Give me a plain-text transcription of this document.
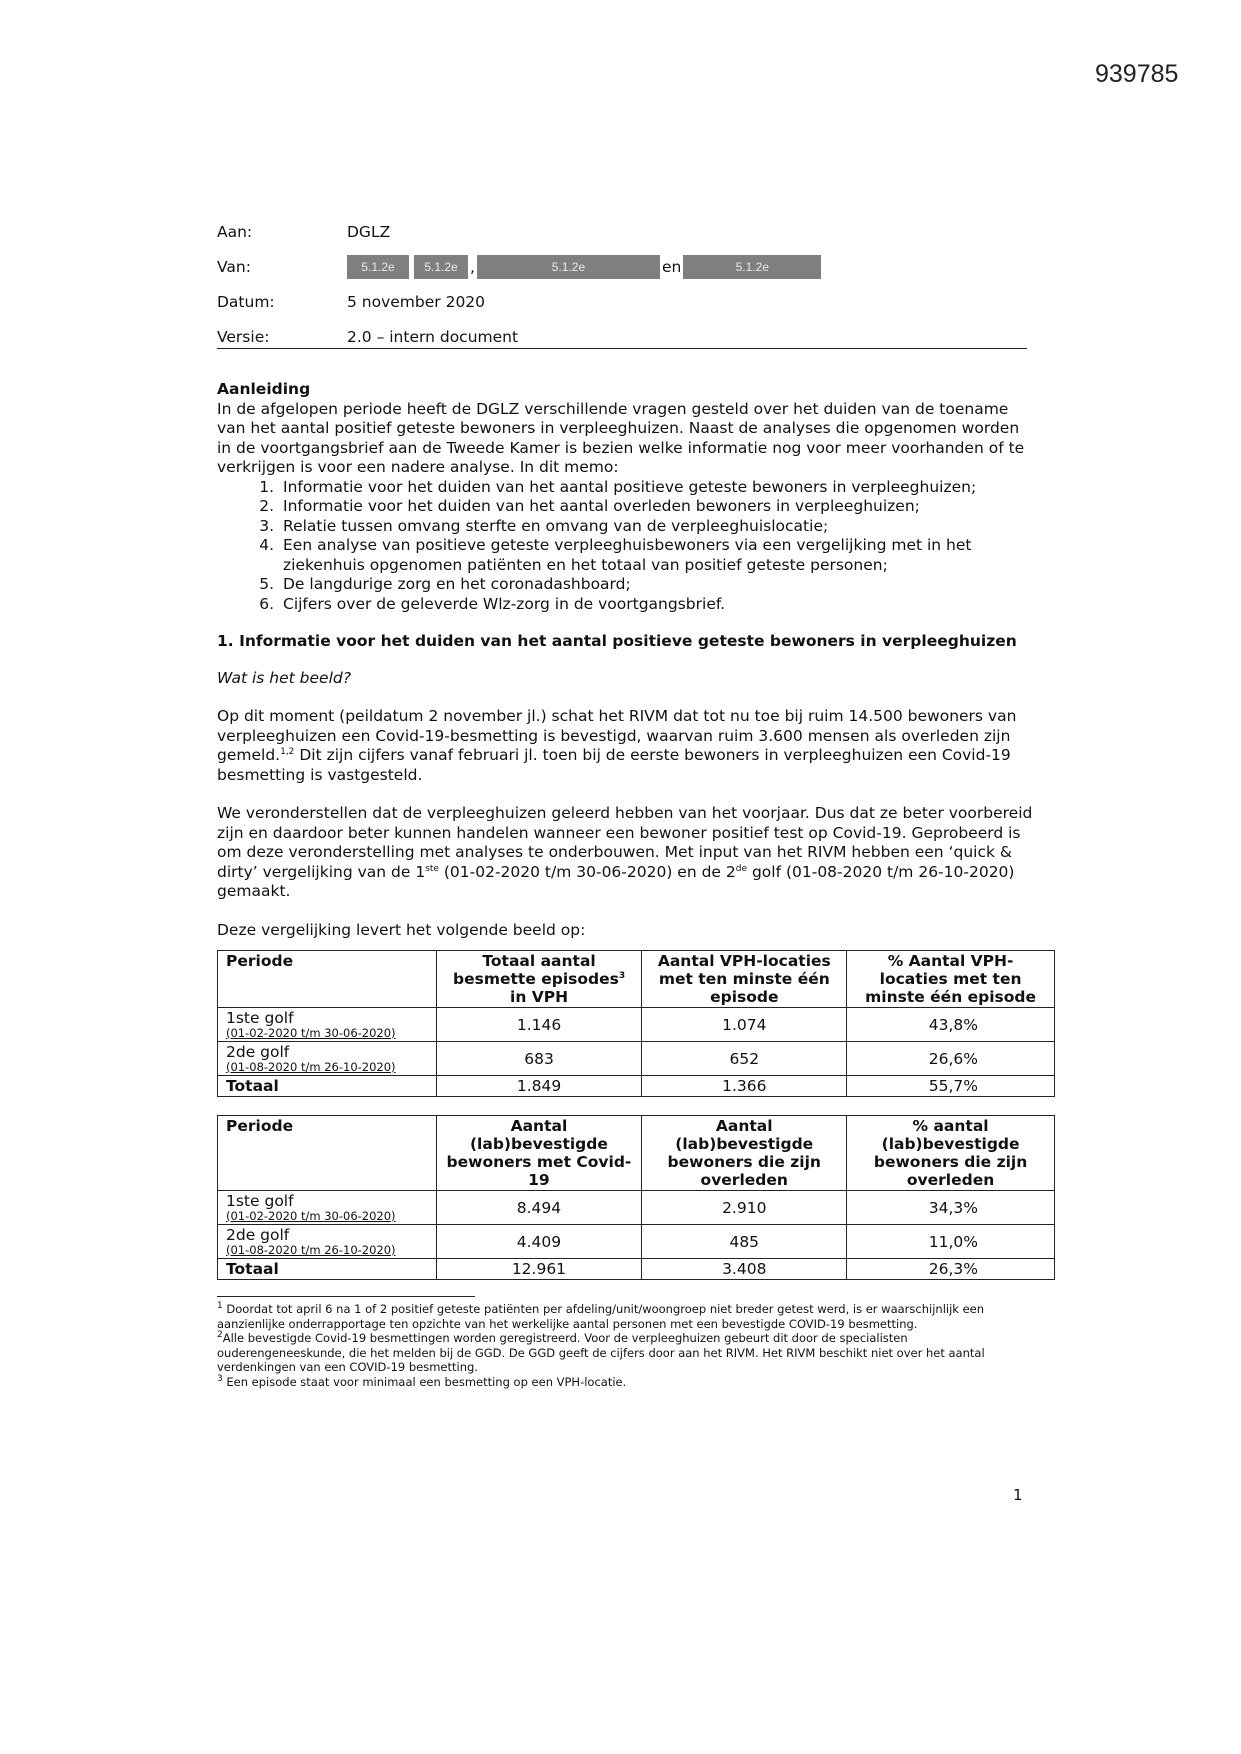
939785
Aan:	DGLZ
Van:	5.1.2e	5.1.2e ,	5.1.2e	en	5.1.2e
Datum:	5 november 2020
Versie:	2.0 – intern document
Aanleiding

In de afgelopen periode heeft de DGLZ verschillende vragen gesteld over het duiden van de toename van het aantal positief geteste bewoners in verpleeghuizen. Naast de analyses die opgenomen worden in de voortgangsbrief aan de Tweede Kamer is bezien welke informatie nog voor meer voorhanden of te verkrijgen is voor een nadere analyse. In dit memo:

1. Informatie voor het duiden van het aantal positieve geteste bewoners in verpleeghuizen;
2. Informatie voor het duiden van het aantal overleden bewoners in verpleeghuizen;
3. Relatie tussen omvang sterfte en omvang van de verpleeghuislocatie;
4. Een analyse van positieve geteste verpleeghuisbewoners via een vergelijking met in het ziekenhuis opgenomen patiënten en het totaal van positief geteste personen;
5. De langdurige zorg en het coronadashboard;
6. Cijfers over de geleverde Wlz-zorg in de voortgangsbrief.
1. Informatie voor het duiden van het aantal positieve geteste bewoners in verpleeghuizen

Wat is het beeld?

Op dit moment (peildatum 2 november jl.) schat het RIVM dat tot nu toe bij ruim 14.500 bewoners van verpleeghuizen een Covid-19-besmetting is bevestigd, waarvan ruim 3.600 mensen als overleden zijn gemeld.$^{1,2}$ Dit zijn cijfers vanaf februari jl. toen bij de eerste bewoners in verpleeghuizen een Covid-19 besmetting is vastgesteld.

We veronderstellen dat de verpleeghuizen geleerd hebben van het voorjaar. Dus dat ze beter voorbereid zijn en daardoor beter kunnen handelen wanneer een bewoner positief test op Covid-19. Geprobeerd is om deze veronderstelling met analyses te onderbouwen. Met input van het RIVM hebben een ‘quick & dirty’ vergelijking van de 1ste (01-02-2020 t/m 30-06-2020) en de 2de golf (01-08-2020 t/m 26-10-2020) gemaakt.

Deze vergelijking levert het volgende beeld op:

Periode	Totaal aantal besmette episodes$^3$ in VPH	Aantal VPH-locaties met ten minste één episode	% Aantal VPH-locaties met ten minste één episode
1ste golf
(01-02-2020 t/m 30-06-2020)	1.146	1.074	43,8%
2de golf
(01-08-2020 t/m 26-10-2020)	683	652	26,6%
Totaal	1.849	1.366	55,7%
Periode	Aantal (lab)bevestigde bewoners met Covid-19	Aantal (lab)bevestigde bewoners die zijn overleden	% aantal (lab)bevestigde bewoners die zijn overleden
1ste golf
(01-02-2020 t/m 30-06-2020)	8.494	2.910	34,3%
2de golf
(01-08-2020 t/m 26-10-2020)	4.409	485	11,0%
Totaal	12.961	3.408	26,3%
$^1$ Doordat tot april 6 na 1 of 2 positief geteste patiënten per afdeling/unit/woongroep niet breder getest werd, is er waarschijnlijk een aanzienlijke onderrapportage ten opzichte van het werkelijke aantal personen met een bevestigde COVID-19 besmetting.
$^2$Alle bevestigde Covid-19 besmettingen worden geregistreerd. Voor de verpleeghuizen gebeurt dit door de specialisten ouderengeneeskunde, die het melden bij de GGD. De GGD geeft de cijfers door aan het RIVM. Het RIVM beschikt niet over het aantal verdenkingen van een COVID-19 besmetting.
$^3$ Een episode staat voor minimaal een besmetting op een VPH-locatie.
1
